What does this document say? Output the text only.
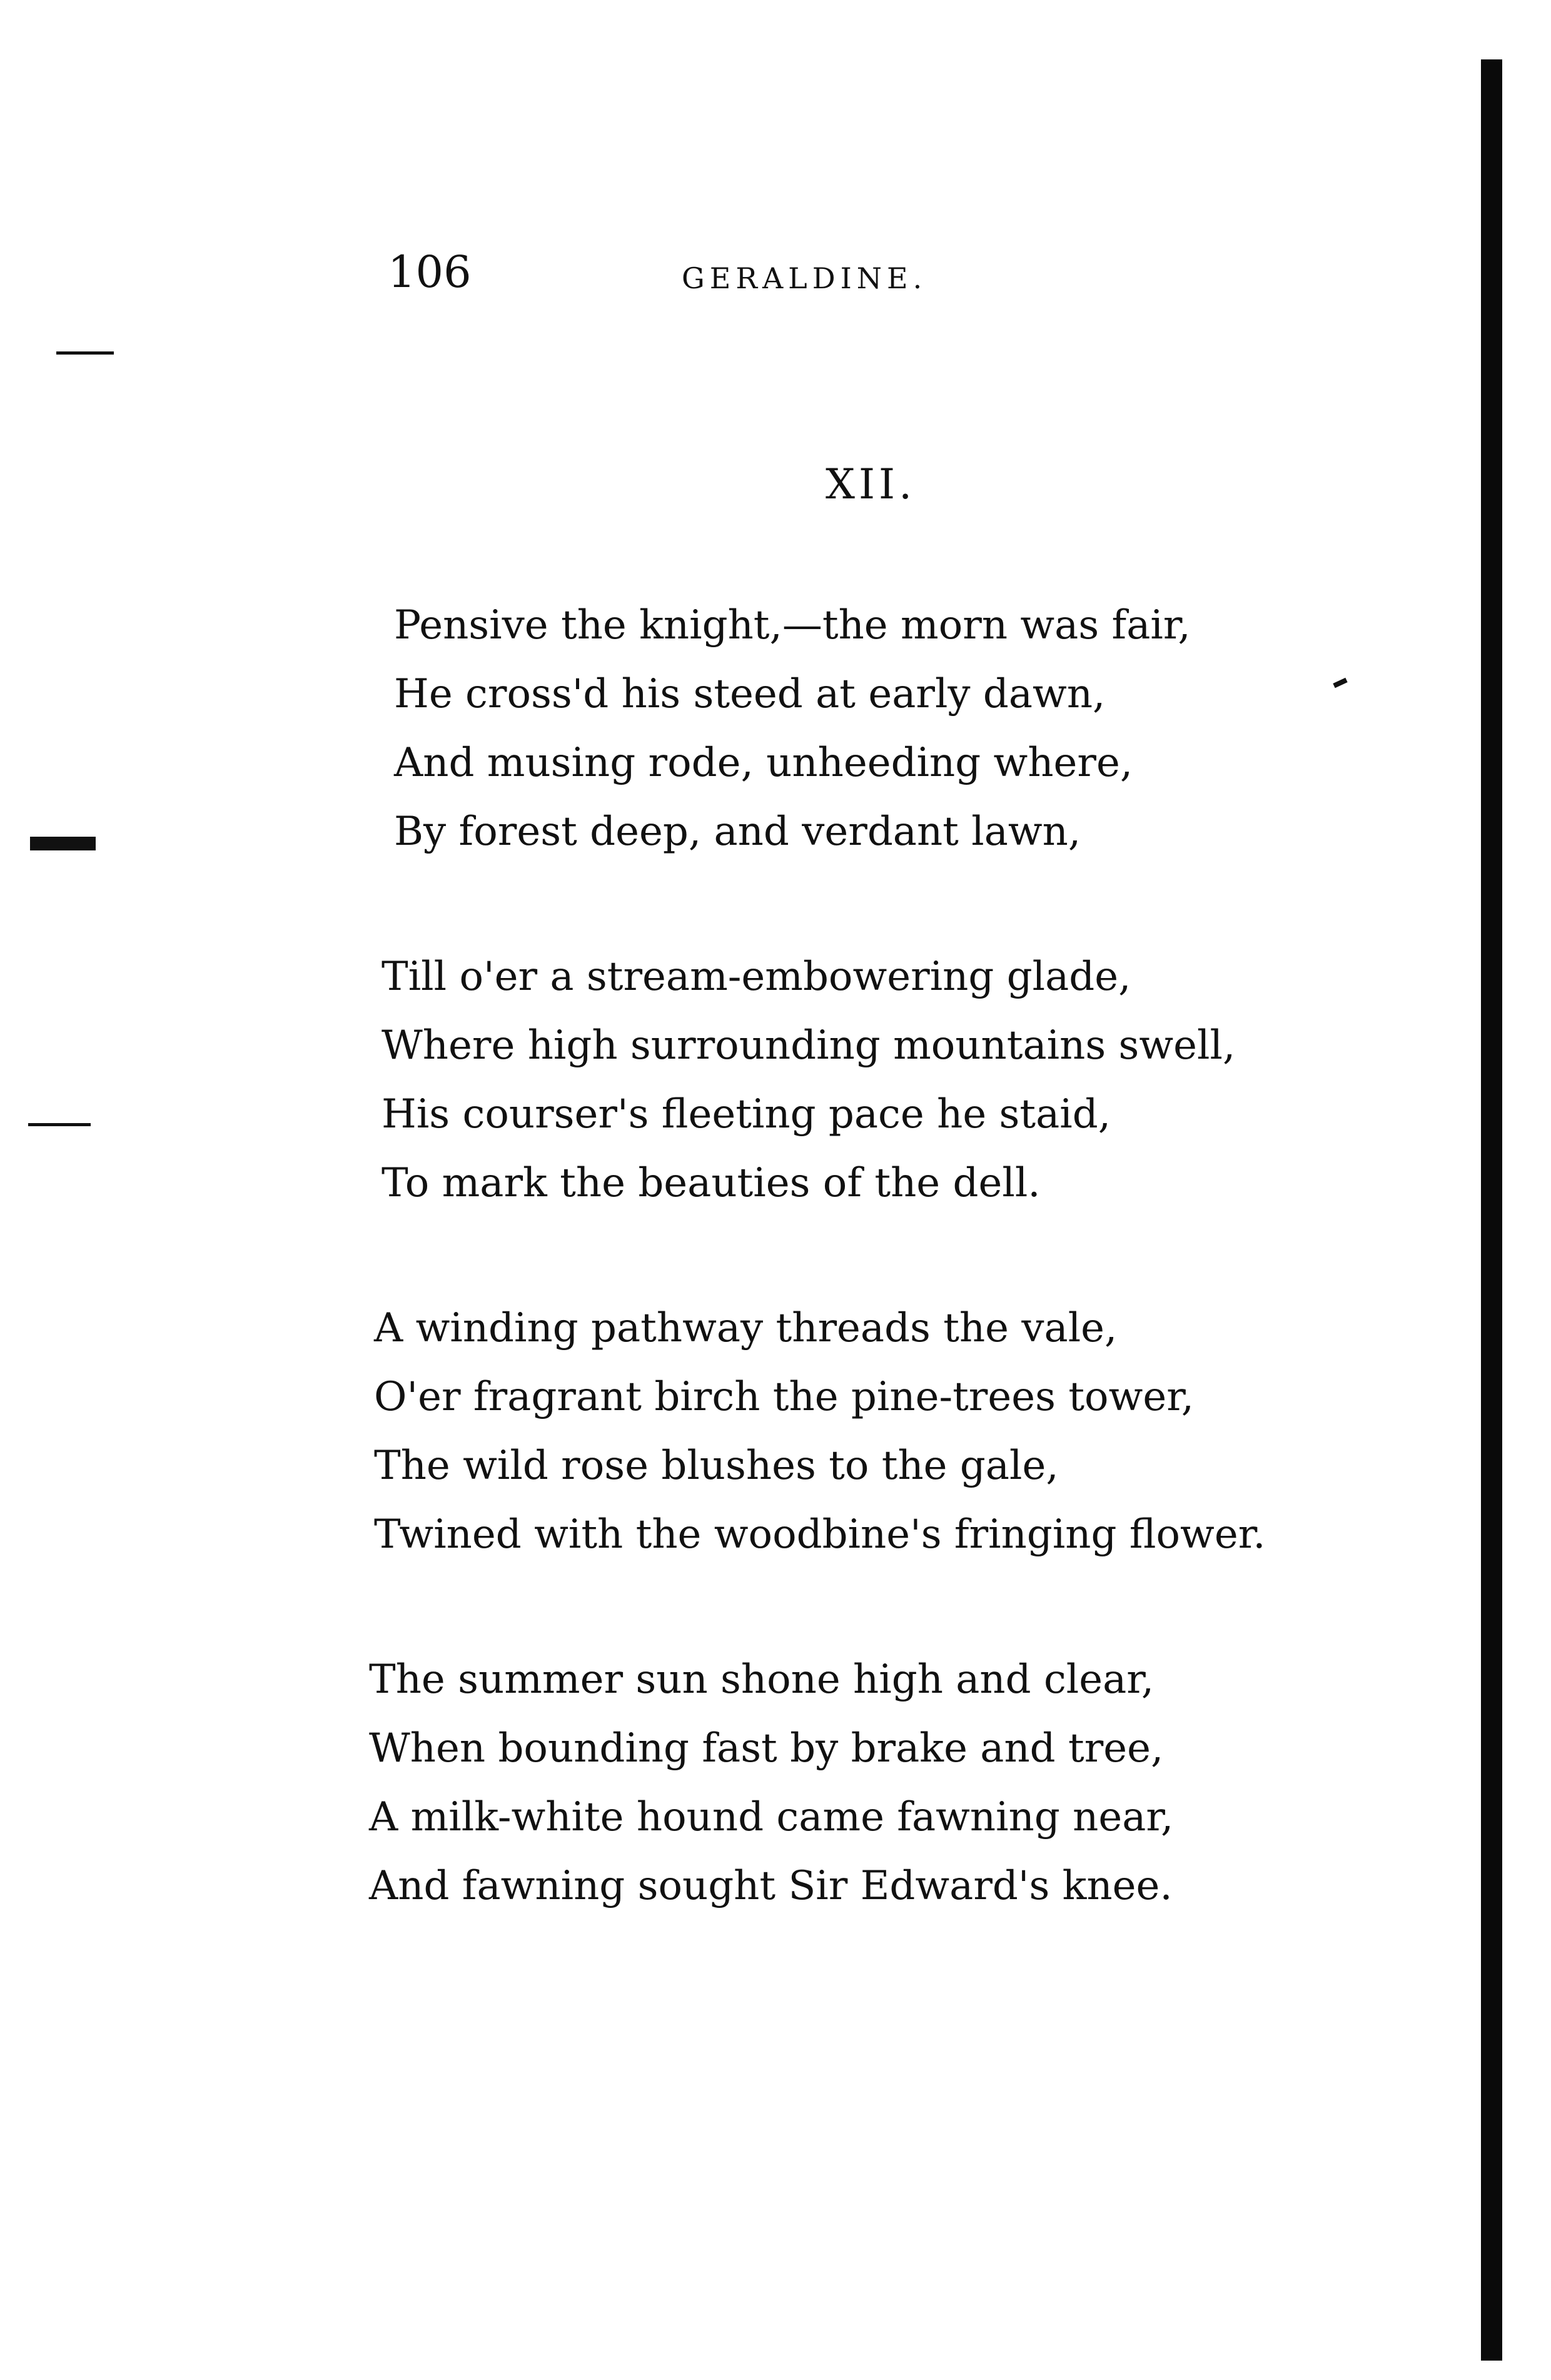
106	GERALDINE.
XII.
Pensive the knight,—the morn was fair,
He cross'd his steed at early dawn,
And musing rode, unheeding where,
By forest deep, and verdant lawn,
Till o'er a stream-embowering glade,
Where high surrounding mountains swell,
His courser's fleeting pace he staid,
To mark the beauties of the dell.
A winding pathway threads the vale,
O'er fragrant birch the pine-trees tower,
The wild rose blushes to the gale,
Twined with the woodbine's fringing flower.
The summer sun shone high and clear,
When bounding fast by brake and tree,
A milk-white hound came fawning near,
And fawning sought Sir Edward's knee.
